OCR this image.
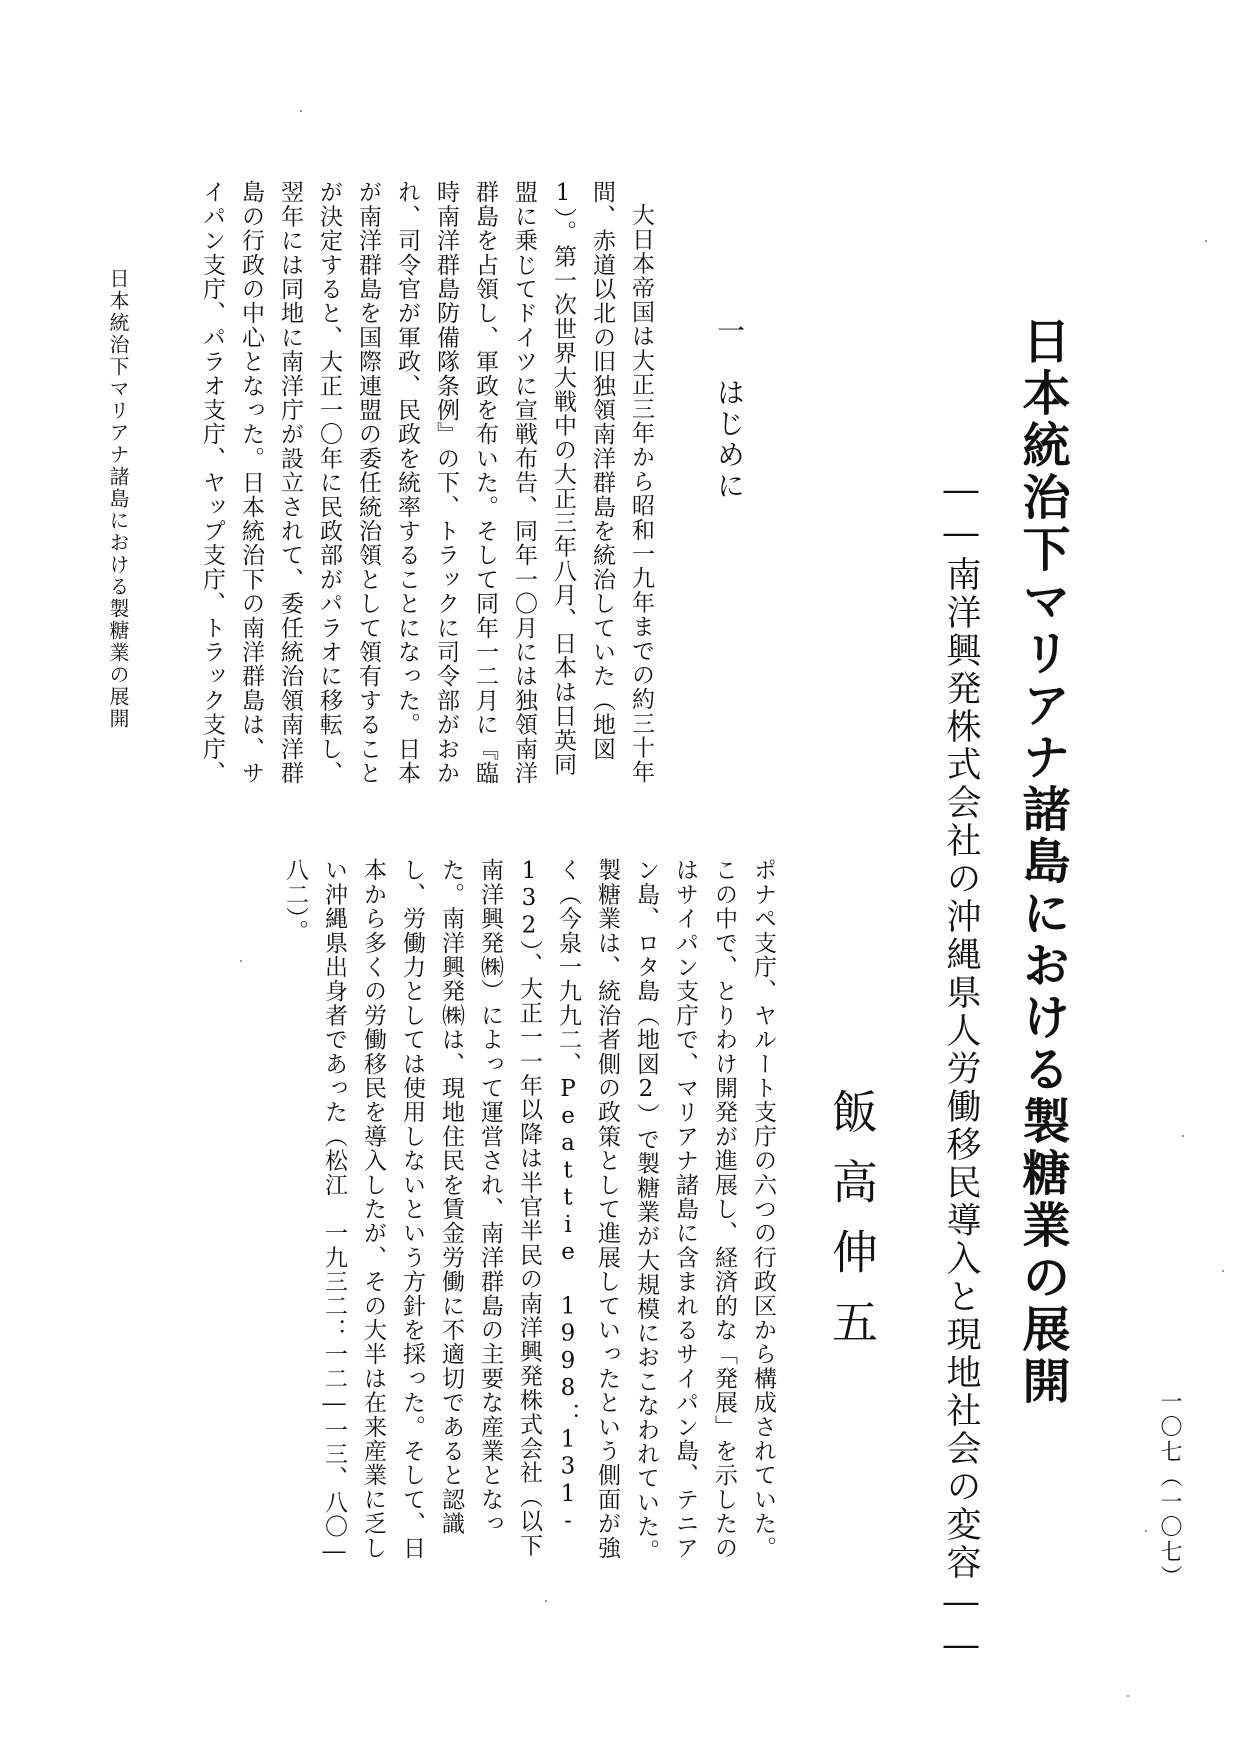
日本統治下マリアナ諸島における製糖業の展開
――南洋興発株式会社の沖縄県人労働移民導入と現地社会の変容――
飯高伸五
一
はじめに

大日本帝国は大正三年から昭和一九年までの約三十年間、赤道以北の旧独領南洋群島を統治していた（地図1）。第一次世界大戦中の大正三年八月、日本は日英同盟に乗じてドイツに宣戦布告、同年一〇月には独領南洋群島を占領し、軍政を布いた。そして同年一二月に『臨時南洋群島防備隊条例』の下、トラックに司令部がおかれ、司令官が軍政、民政を統率することになった。日本が南洋群島を国際連盟の委任統治領として領有することが決定すると、大正一〇年に民政部がパラオに移転し、翌年には同地に南洋庁が設立されて、委任統治領南洋群島の行政の中心となった。日本統治下の南洋群島は、サイパン支庁、パラオ支庁、ヤップ支庁、トラック支庁、

ポナペ支庁、ヤルート支庁の六つの行政区から構成されていた。この中で、とりわけ開発が進展し、経済的な「発展」を示したのはサイパン支庁で、マリアナ諸島に含まれるサイパン島、テニアン島、ロタ島（地図2）で製糖業が大規模におこなわれていた。製糖業は、統治者側の政策として進展していったという側面が強く（今泉一九九二、Peattie 1998：131-132）、大正一一年以降は半官半民の南洋興発株式会社（以下南洋興発㈱）によって運営され、南洋群島の主要な産業となった。南洋興発㈱は、現地住民を賃金労働に不適切であると認識し、労働力としては使用しないという方針を採った。そして、日本から多くの労働移民を導入したが、その大半は在来産業に乏しい沖縄県出身者であった（松江　一九三二：一二―一三、八〇―八二）。

日本統治下マリアナ諸島における製糖業の展開
一〇七（一〇七）
